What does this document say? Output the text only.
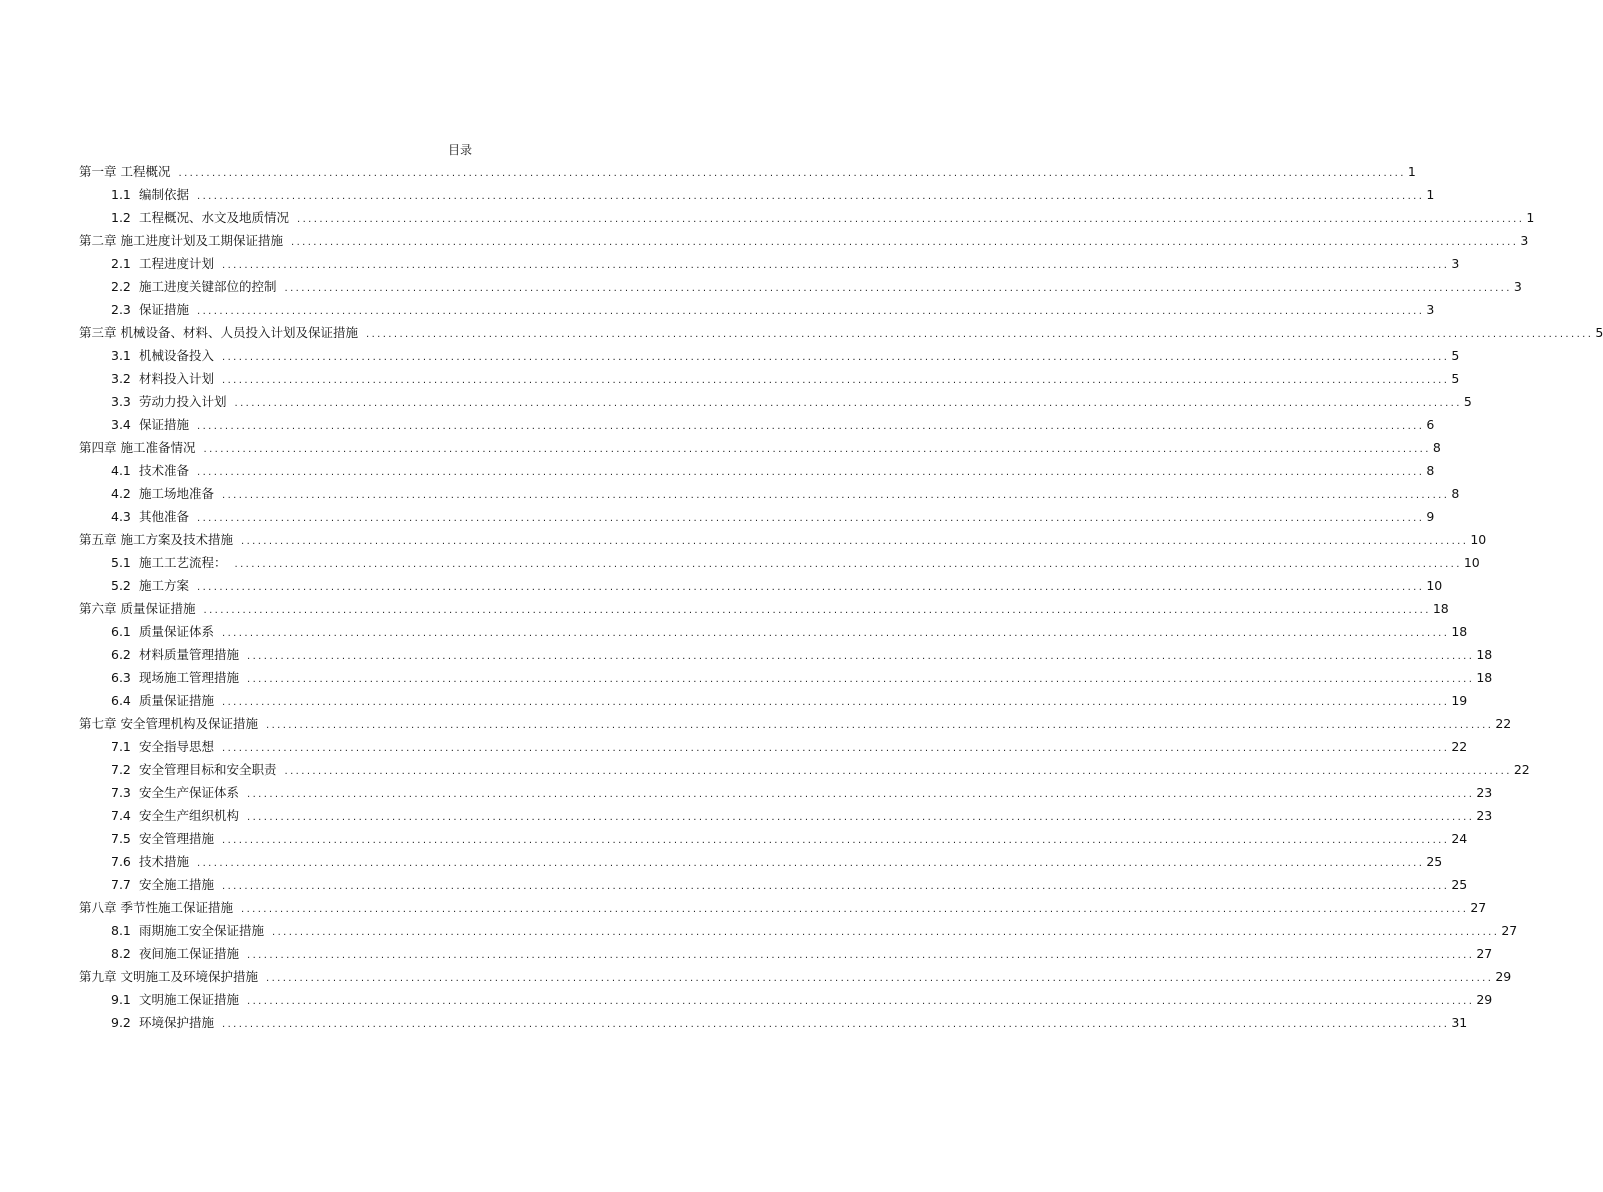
目录
第一章 工程概况 ............................................................................................................................................................................................................................ 1
1.1 编制依据 ............................................................................................................................................................................................................................ 1
1.2 工程概况、水文及地质情况 ............................................................................................................................................................................................................................ 1
第二章 施工进度计划及工期保证措施 ............................................................................................................................................................................................................................ 3
2.1 工程进度计划 ............................................................................................................................................................................................................................ 3
2.2 施工进度关键部位的控制 ............................................................................................................................................................................................................................ 3
2.3 保证措施 ............................................................................................................................................................................................................................ 3
第三章 机械设备、材料、人员投入计划及保证措施 ............................................................................................................................................................................................................................ 5
3.1 机械设备投入 ............................................................................................................................................................................................................................ 5
3.2 材料投入计划 ............................................................................................................................................................................................................................ 5
3.3 劳动力投入计划 ............................................................................................................................................................................................................................ 5
3.4 保证措施 ............................................................................................................................................................................................................................ 6
第四章 施工准备情况 ............................................................................................................................................................................................................................ 8
4.1 技术准备 ............................................................................................................................................................................................................................ 8
4.2 施工场地准备 ............................................................................................................................................................................................................................ 8
4.3 其他准备 ............................................................................................................................................................................................................................ 9
第五章 施工方案及技术措施 ............................................................................................................................................................................................................................ 10
5.1 施工工艺流程： ............................................................................................................................................................................................................................ 10
5.2 施工方案 ............................................................................................................................................................................................................................ 10
第六章 质量保证措施 ............................................................................................................................................................................................................................ 18
6.1 质量保证体系 ............................................................................................................................................................................................................................ 18
6.2 材料质量管理措施 ............................................................................................................................................................................................................................ 18
6.3 现场施工管理措施 ............................................................................................................................................................................................................................ 18
6.4 质量保证措施 ............................................................................................................................................................................................................................ 19
第七章 安全管理机构及保证措施 ............................................................................................................................................................................................................................ 22
7.1 安全指导思想 ............................................................................................................................................................................................................................ 22
7.2 安全管理目标和安全职责 ............................................................................................................................................................................................................................ 22
7.3 安全生产保证体系 ............................................................................................................................................................................................................................ 23
7.4 安全生产组织机构 ............................................................................................................................................................................................................................ 23
7.5 安全管理措施 ............................................................................................................................................................................................................................ 24
7.6 技术措施 ............................................................................................................................................................................................................................ 25
7.7 安全施工措施 ............................................................................................................................................................................................................................ 25
第八章 季节性施工保证措施 ............................................................................................................................................................................................................................ 27
8.1 雨期施工安全保证措施 ............................................................................................................................................................................................................................ 27
8.2 夜间施工保证措施 ............................................................................................................................................................................................................................ 27
第九章 文明施工及环境保护措施 ............................................................................................................................................................................................................................ 29
9.1 文明施工保证措施 ............................................................................................................................................................................................................................ 29
9.2 环境保护措施 ............................................................................................................................................................................................................................ 31
